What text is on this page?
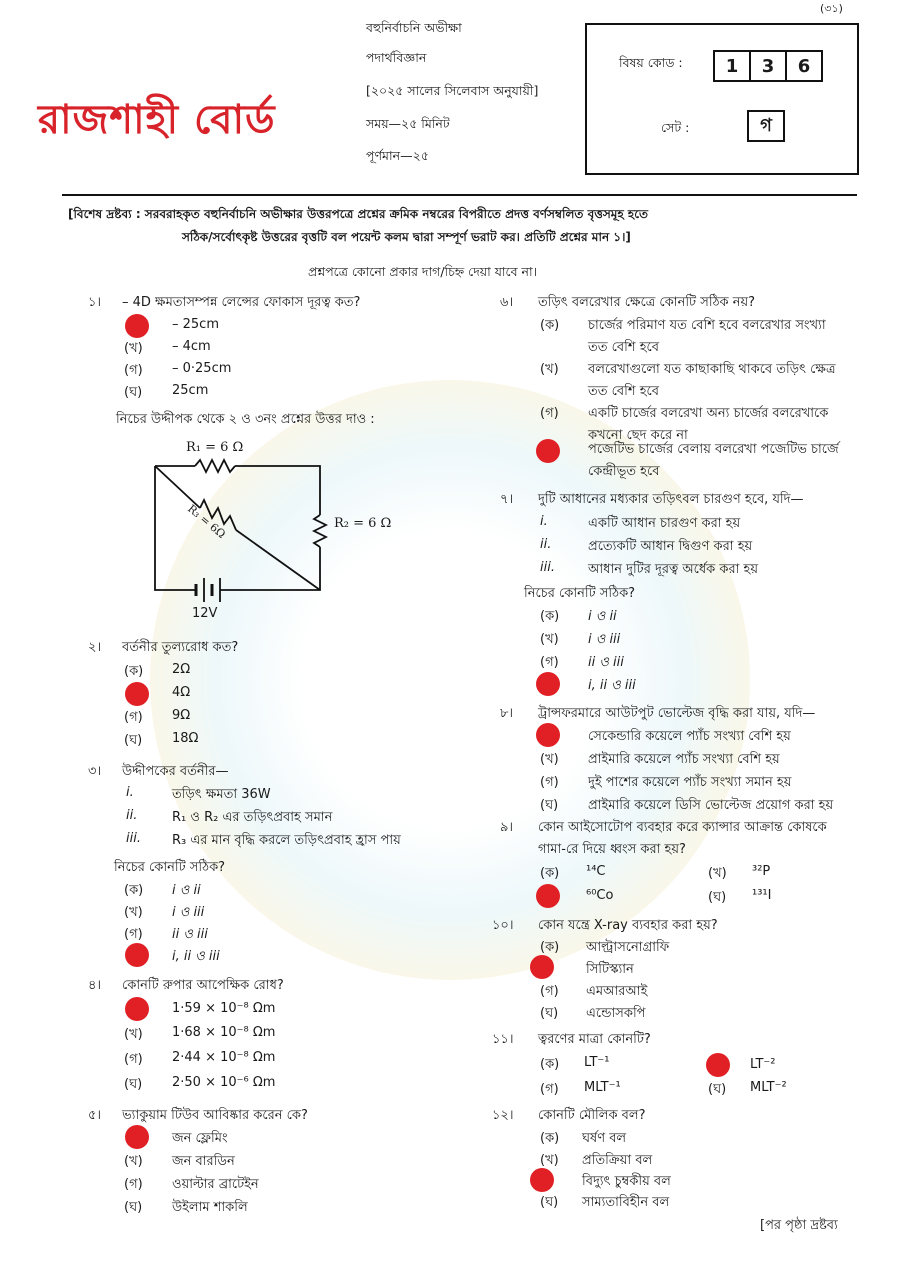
(৩১)
রাজশাহী বোর্ড
বহুনির্বাচনি অভীক্ষা
পদার্থবিজ্ঞান
[২০২৫ সালের সিলেবাস অনুযায়ী]
সময়—২৫ মিনিট
পূর্ণমান—২৫
বিষয় কোড :	1	3	6
সেট :	গ
[বিশেষ দ্রষ্টব্য : সরবরাহকৃত বহুনির্বাচনি অভীক্ষার উত্তরপত্রে প্রশ্নের ক্রমিক নম্বরের বিপরীতে প্রদত্ত বর্ণসম্বলিত বৃত্তসমূহ হতে
সঠিক/সর্বোৎকৃষ্ট উত্তরের বৃত্তটি বল পয়েন্ট কলম দ্বারা সম্পূর্ণ ভরাট কর। প্রতিটি প্রশ্নের মান ১।]
প্রশ্নপত্রে কোনো প্রকার দাগ/চিহ্ন দেয়া যাবে না।
১। – 4D ক্ষমতাসম্পন্ন লেন্সের ফোকাস দূরত্ব কত?
– 25cm
(খ) – 4cm
(গ) – 0·25cm
(ঘ) 25cm
নিচের উদ্দীপক থেকে ২ ও ৩নং প্রশ্নের উত্তর দাও :
R₁ = 6 Ω
R₂ = 6 Ω
R₃ = 6Ω
12V
২। বর্তনীর তুল্যরোধ কত?
(ক) 2Ω
4Ω
(গ) 9Ω
(ঘ) 18Ω
৩। উদ্দীপকের বর্তনীর—
i.	তড়িৎ ক্ষমতা 36W
ii.	R₁ ও R₂ এর তড়িৎপ্রবাহ সমান
iii. R₃ এর মান বৃদ্ধি করলে তড়িৎপ্রবাহ হ্রাস পায়
নিচের কোনটি সঠিক?
(ক) i ও ii
(খ) i ও iii
(গ) ii ও iii
i, ii ও iii
৪। কোনটি রুপার আপেক্ষিক রোধ?
1·59 × 10⁻⁸ Ωm
(খ) 1·68 × 10⁻⁸ Ωm
(গ) 2·44 × 10⁻⁸ Ωm
(ঘ) 2·50 × 10⁻⁶ Ωm
৫। ভ্যাকুয়াম টিউব আবিষ্কার করেন কে?
জন ফ্লেমিং
(খ) জন বারডিন
(গ) ওয়াল্টার ব্রাটেইন
(ঘ) উইলাম শাকলি
৬। তড়িৎ বলরেখার ক্ষেত্রে কোনটি সঠিক নয়?
(ক) চার্জের পরিমাণ যত বেশি হবে বলরেখার সংখ্যা
তত বেশি হবে
(খ) বলরেখাগুলো যত কাছাকাছি থাকবে তড়িৎ ক্ষেত্র
তত বেশি হবে
(গ) একটি চার্জের বলরেখা অন্য চার্জের বলরেখাকে
কখনো ছেদ করে না
পজেটিভ চার্জের বেলায় বলরেখা পজেটিভ চার্জে
কেন্দ্রীভূত হবে
৭। দুটি আধানের মধ্যকার তড়িৎবল চারগুণ হবে, যদি—
i.	একটি আধান চারগুণ করা হয়
ii.	প্রত্যেকটি আধান দ্বিগুণ করা হয়
iii.	আধান দুটির দূরত্ব অর্ধেক করা হয়
নিচের কোনটি সঠিক?
(ক) i ও ii
(খ) i ও iii
(গ) ii ও iii
i, ii ও iii
৮। ট্রান্সফরমারে আউটপুট ভোল্টেজ বৃদ্ধি করা যায়, যদি—
সেকেন্ডারি কয়েলে প্যাঁচ সংখ্যা বেশি হয়
(খ) প্রাইমারি কয়েলে প্যাঁচ সংখ্যা বেশি হয়
(গ) দুই পাশের কয়েলে প্যাঁচ সংখ্যা সমান হয়
(ঘ) প্রাইমারি কয়েলে ডিসি ভোল্টেজ প্রয়োগ করা হয়
৯। কোন আইসোটোপ ব্যবহার করে ক্যান্সার আক্রান্ত কোষকে
গামা-রে দিয়ে ধ্বংস করা হয়?
(ক) ¹⁴C	(খ) ³²P
⁶⁰Co	(ঘ) ¹³¹I
১০। কোন যন্ত্রে X-ray ব্যবহার করা হয়?
(ক) আল্ট্রাসনোগ্রাফি
সিটিস্ক্যান
(গ) এমআরআই
(ঘ) এন্ডোসকপি
১১। ত্বরণের মাত্রা কোনটি?
(ক) LT⁻¹	LT⁻²
(গ) MLT⁻¹	(ঘ) MLT⁻²
১২। কোনটি মৌলিক বল?
(ক) ঘর্ষণ বল
(খ) প্রতিক্রিয়া বল
বিদ্যুৎ চুম্বকীয় বল
(ঘ) সাম্যতাবিহীন বল
[পর পৃষ্ঠা দ্রষ্টব্য
